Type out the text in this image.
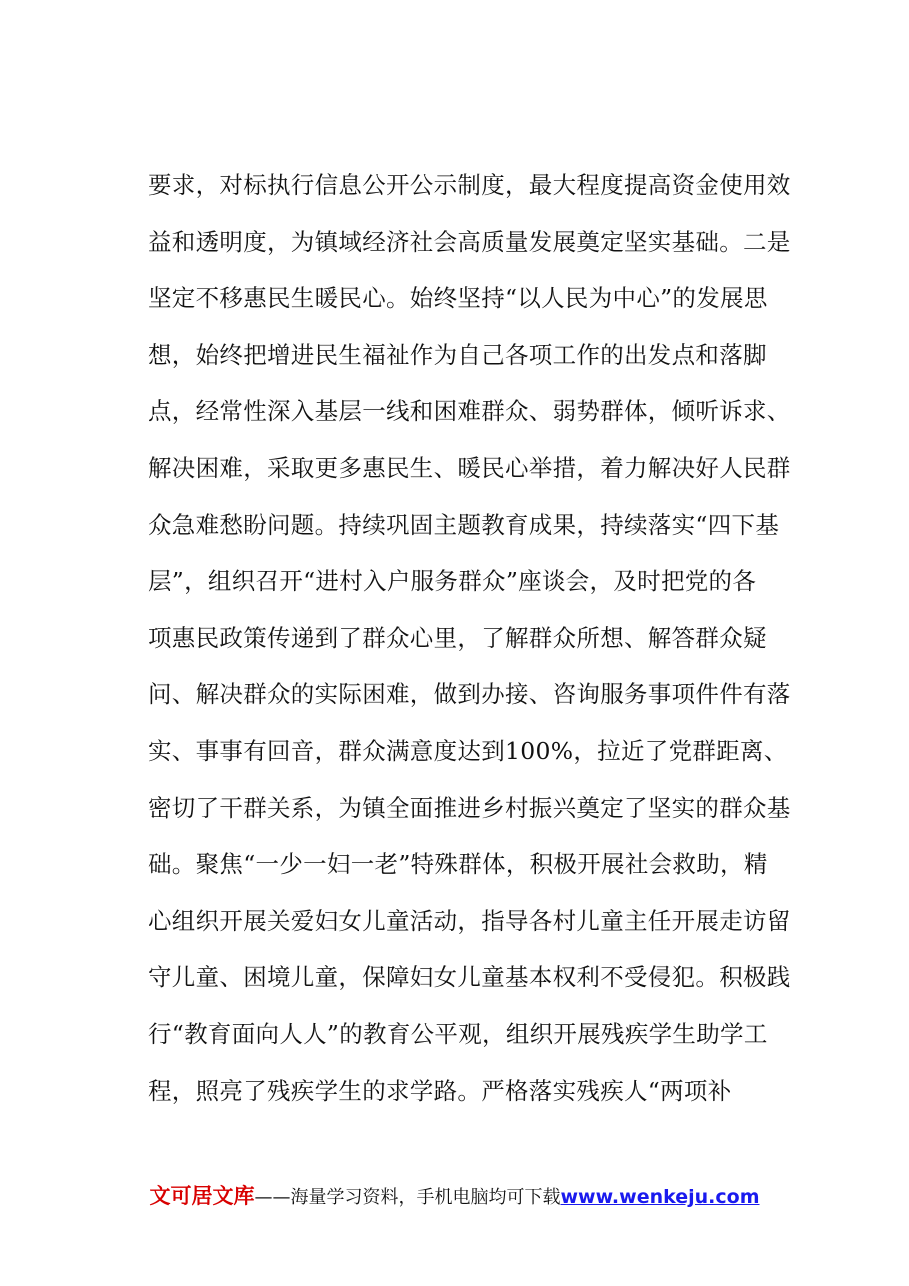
要求，对标执行信息公开公示制度，最大程度提高资金使用效
益和透明度，为镇域经济社会高质量发展奠定坚实基础。二是
坚定不移惠民生暖民心。始终坚持“以人民为中心”的发展思
想，始终把增进民生福祉作为自己各项工作的出发点和落脚
点，经常性深入基层一线和困难群众、弱势群体，倾听诉求、
解决困难，采取更多惠民生、暖民心举措，着力解决好人民群
众急难愁盼问题。持续巩固主题教育成果，持续落实“四下基
层”，组织召开“进村入户服务群众”座谈会，及时把党的各
项惠民政策传递到了群众心里，了解群众所想、解答群众疑
问、解决群众的实际困难，做到办接、咨询服务事项件件有落
实、事事有回音，群众满意度达到100%，拉近了党群距离、
密切了干群关系，为镇全面推进乡村振兴奠定了坚实的群众基
础。聚焦“一少一妇一老”特殊群体，积极开展社会救助，精
心组织开展关爱妇女儿童活动，指导各村儿童主任开展走访留
守儿童、困境儿童，保障妇女儿童基本权利不受侵犯。积极践
行“教育面向人人”的教育公平观，组织开展残疾学生助学工
程，照亮了残疾学生的求学路。严格落实残疾人“两项补
文可居文库——海量学习资料，手机电脑均可下载www.wenkeju.com
